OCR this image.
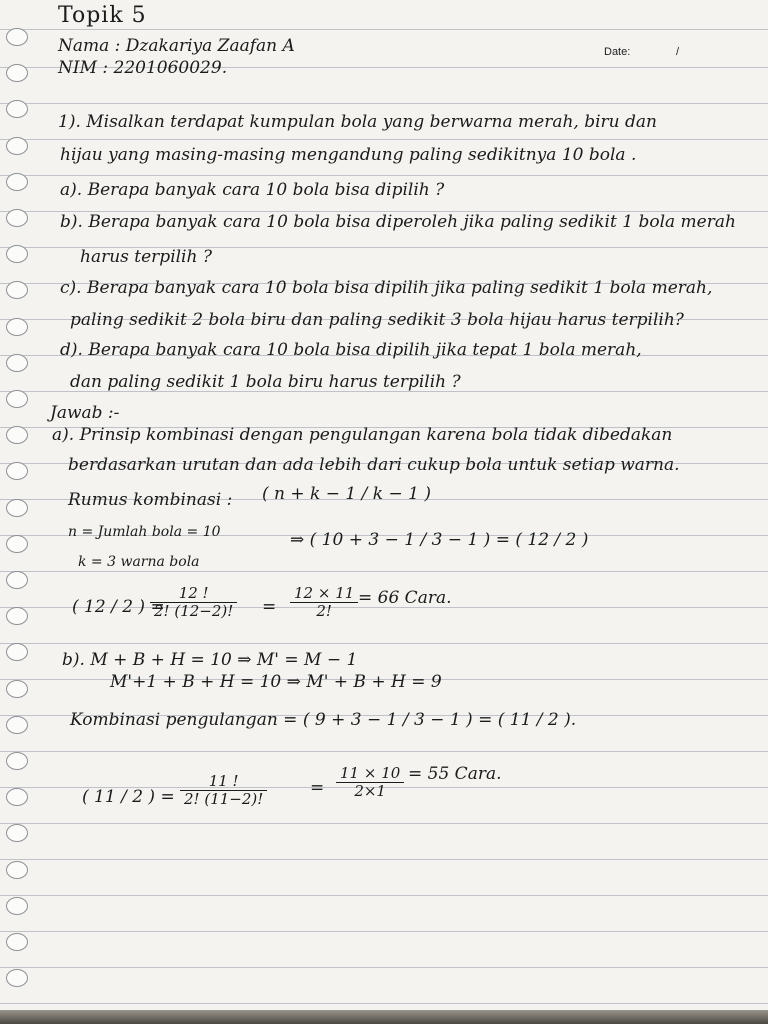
Topik 5
Nama : Dzakariya Zaafan A
NIM : 2201060029.
Date:	/
1). Misalkan terdapat kumpulan bola yang berwarna merah, biru dan
hijau yang masing-masing mengandung paling sedikitnya 10 bola .
a). Berapa banyak cara 10 bola bisa dipilih ?
b). Berapa banyak cara 10 bola bisa diperoleh jika paling sedikit 1 bola merah
harus terpilih ?
c). Berapa banyak cara 10 bola bisa dipilih jika paling sedikit 1 bola merah,
paling sedikit 2 bola biru dan paling sedikit 3 bola hijau harus terpilih?
d). Berapa banyak cara 10 bola bisa dipilih jika tepat 1 bola merah,
dan paling sedikit 1 bola biru harus terpilih ?
Jawab :-
a). Prinsip kombinasi dengan pengulangan karena bola tidak dibedakan
berdasarkan urutan dan ada lebih dari cukup bola untuk setiap warna.
Rumus kombinasi : ( n + k − 1 / k − 1 )
n = Jumlah bola = 10
k = 3 warna bola
⇒ ( 10 + 3 − 1 / 3 − 1 ) = ( 12 / 2 )
( 12 / 2 ) =
$\frac{12 !}{2! (12-2)!} = \frac{12 \times 11}{2!} = 66$ Cara.
b). M + B + H = 10 ⇒ M' = M − 1
M'+1 + B + H = 10 ⇒ M' + B + H = 9
Kombinasi pengulangan = ( 9 + 3 − 1 / 3 − 1 ) = ( 11 / 2 ).
( 11 / 2 ) = $\frac{11 !}{2! (11-2)!}$	= $\frac{11 \times 10}{2\times 1} = 55$ Cara.
